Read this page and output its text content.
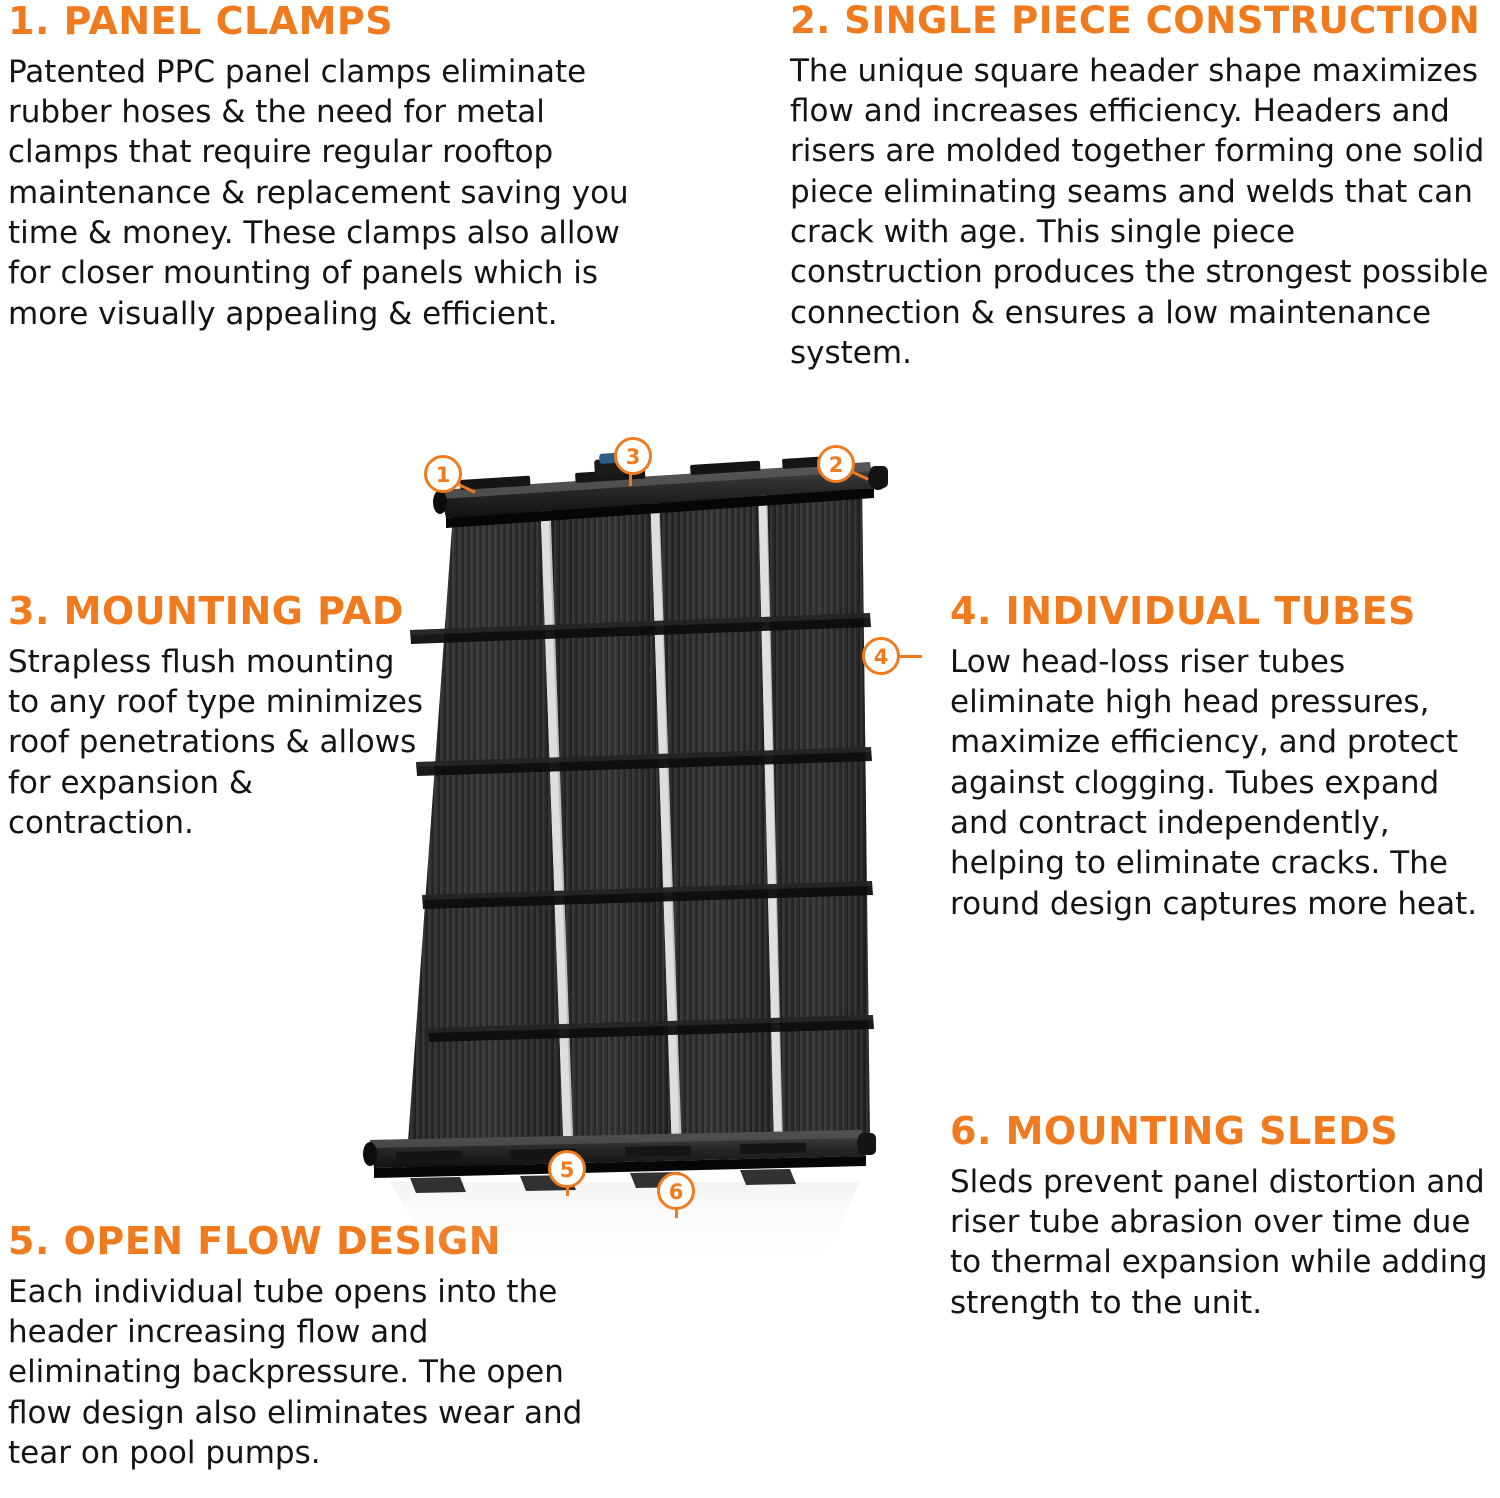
1. PANEL CLAMPS

Patented PPC panel clamps eliminate rubber hoses & the need for metal clamps that require regular rooftop maintenance & replacement saving you time & money. These clamps also allow for closer mounting of panels which is more visually appealing & efficient.

2. SINGLE PIECE CONSTRUCTION

The unique square header shape maximizes flow and increases efficiency. Headers and risers are molded together forming one solid piece eliminating seams and welds that can crack with age. This single piece construction produces the strongest possible connection & ensures a low maintenance system.

3. MOUNTING PAD

Strapless flush mounting to any roof type minimizes roof penetrations & allows for expansion & contraction.

4. INDIVIDUAL TUBES

Low head-loss riser tubes eliminate high head pressures, maximize efficiency, and protect against clogging. Tubes expand and contract independently, helping to eliminate cracks. The round design captures more heat.

5. OPEN FLOW DESIGN

Each individual tube opens into the header increasing flow and eliminating backpressure. The open flow design also eliminates wear and tear on pool pumps.

6. MOUNTING SLEDS

Sleds prevent panel distortion and riser tube abrasion over time due to thermal expansion while adding strength to the unit.

1	2
3
4
5
6
